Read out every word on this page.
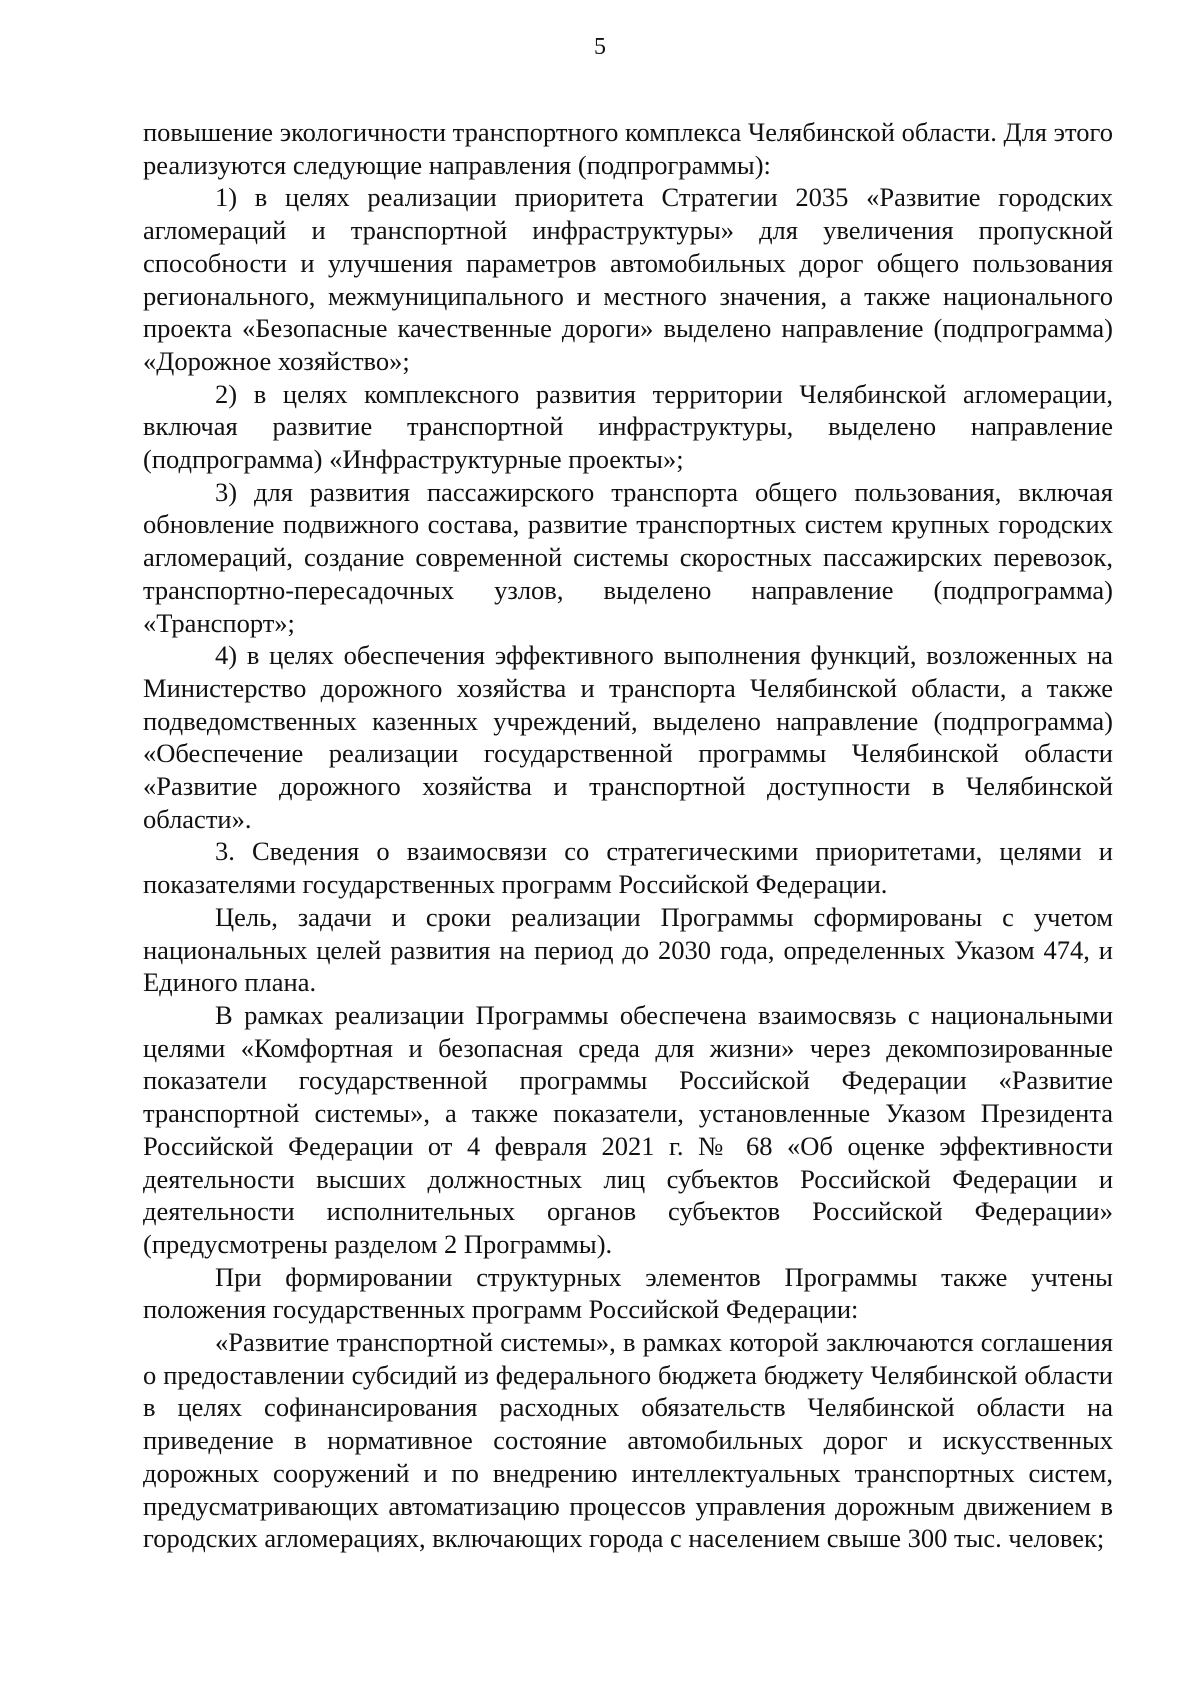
5

повышение экологичности транспортного комплекса Челябинской области. Для этого реализуются следующие направления (подпрограммы):

1) в целях реализации приоритета Стратегии 2035 «Развитие городских агломераций и транспортной инфраструктуры» для увеличения пропускной способности и улучшения параметров автомобильных дорог общего пользования регионального, межмуниципального и местного значения, а также национального проекта «Безопасные качественные дороги» выделено направление (подпрограмма) «Дорожное хозяйство»;

2) в целях комплексного развития территории Челябинской агломерации, включая развитие транспортной инфраструктуры, выделено направление (подпрограмма) «Инфраструктурные проекты»;

3) для развития пассажирского транспорта общего пользования, включая обновление подвижного состава, развитие транспортных систем крупных городских агломераций, создание современной системы скоростных пассажирских перевозок, транспортно-пересадочных узлов, выделено направление (подпрограмма) «Транспорт»;

4) в целях обеспечения эффективного выполнения функций, возложенных на Министерство дорожного хозяйства и транспорта Челябинской области, а также подведомственных казенных учреждений, выделено направление (подпрограмма) «Обеспечение реализации государственной программы Челябинской области «Развитие дорожного хозяйства и транспортной доступности в Челябинской области».

3. Сведения о взаимосвязи со стратегическими приоритетами, целями и показателями государственных программ Российской Федерации.

Цель, задачи и сроки реализации Программы сформированы с учетом национальных целей развития на период до 2030 года, определенных Указом 474, и Единого плана.

В рамках реализации Программы обеспечена взаимосвязь с национальными целями «Комфортная и безопасная среда для жизни» через декомпозированные показатели государственной программы Российской Федерации «Развитие транспортной системы», а также показатели, установленные Указом Президента Российской Федерации от 4 февраля 2021 г. № 68 «Об оценке эффективности деятельности высших должностных лиц субъектов Российской Федерации и деятельности исполнительных органов субъектов Российской Федерации» (предусмотрены разделом 2 Программы).

При формировании структурных элементов Программы также учтены положения государственных программ Российской Федерации:

«Развитие транспортной системы», в рамках которой заключаются соглашения о предоставлении субсидий из федерального бюджета бюджету Челябинской области в целях софинансирования расходных обязательств Челябинской области на приведение в нормативное состояние автомобильных дорог и искусственных дорожных сооружений и по внедрению интеллектуальных транспортных систем, предусматривающих автоматизацию процессов управления дорожным движением в городских агломерациях, включающих города с населением свыше 300 тыс. человек;
